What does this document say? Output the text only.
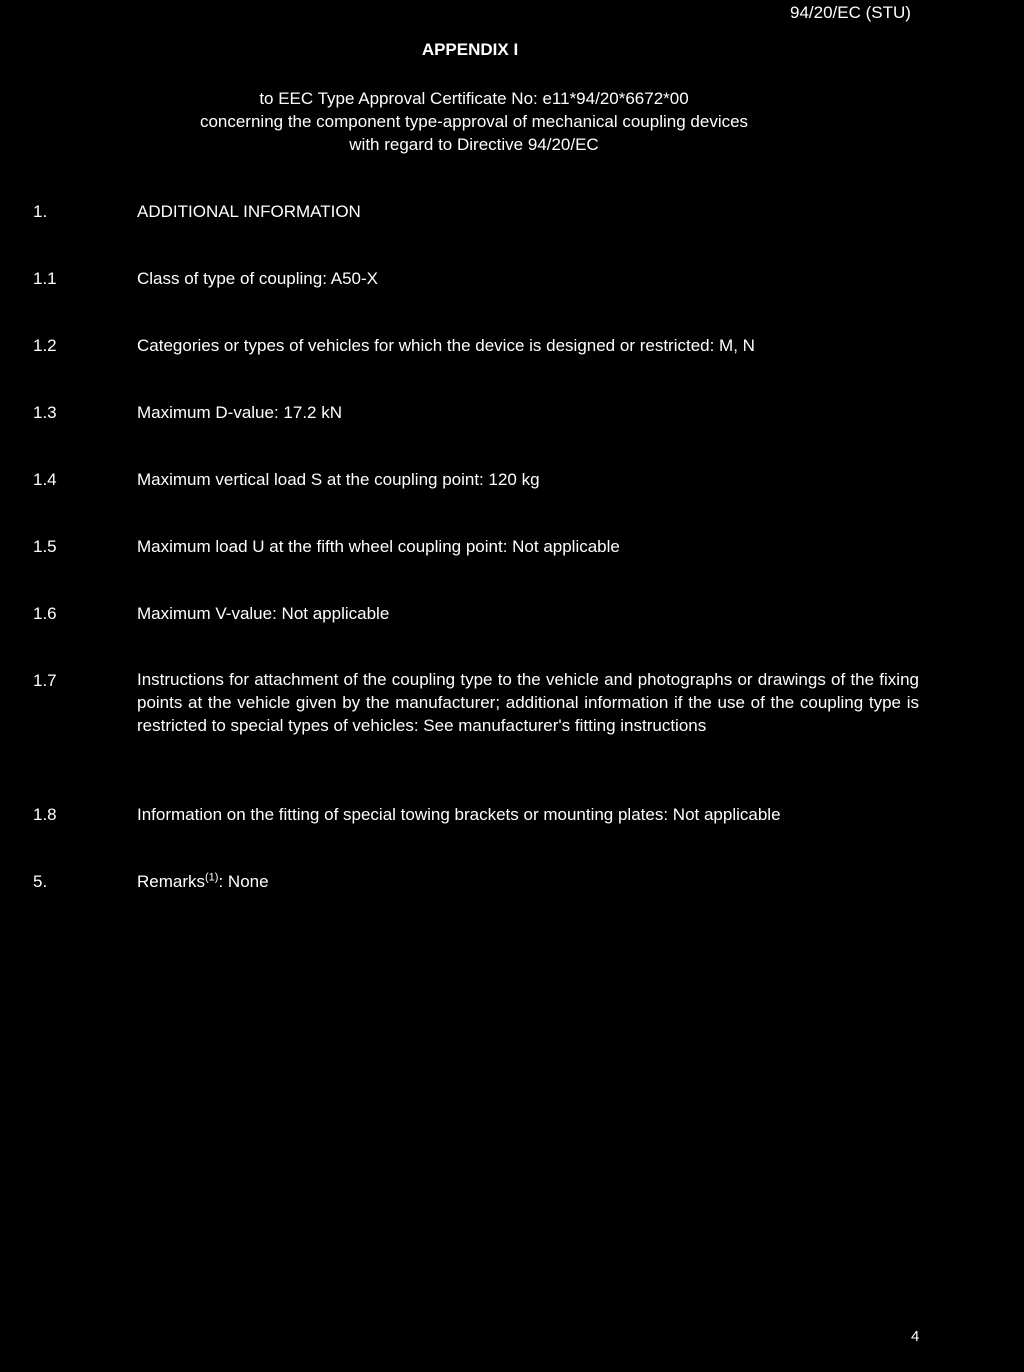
94/20/EC (STU)
APPENDIX I
to EEC Type Approval Certificate No: e11*94/20*6672*00
concerning the component type-approval of mechanical coupling devices
with regard to Directive 94/20/EC
1.	ADDITIONAL INFORMATION
1.1	Class of type of coupling: A50-X
1.2	Categories or types of vehicles for which the device is designed or restricted: M, N
1.3	Maximum D-value: 17.2 kN
1.4	Maximum vertical load S at the coupling point: 120 kg
1.5	Maximum load U at the fifth wheel coupling point: Not applicable
1.6	Maximum V-value: Not applicable
1.7	Instructions for attachment of the coupling type to the vehicle and photographs or drawings of the fixing points at the vehicle given by the manufacturer; additional information if the use of the coupling type is restricted to special types of vehicles: See manufacturer's fitting instructions
1.8	Information on the fitting of special towing brackets or mounting plates: Not applicable
5.	Remarks$^{(1)}$: None
4
